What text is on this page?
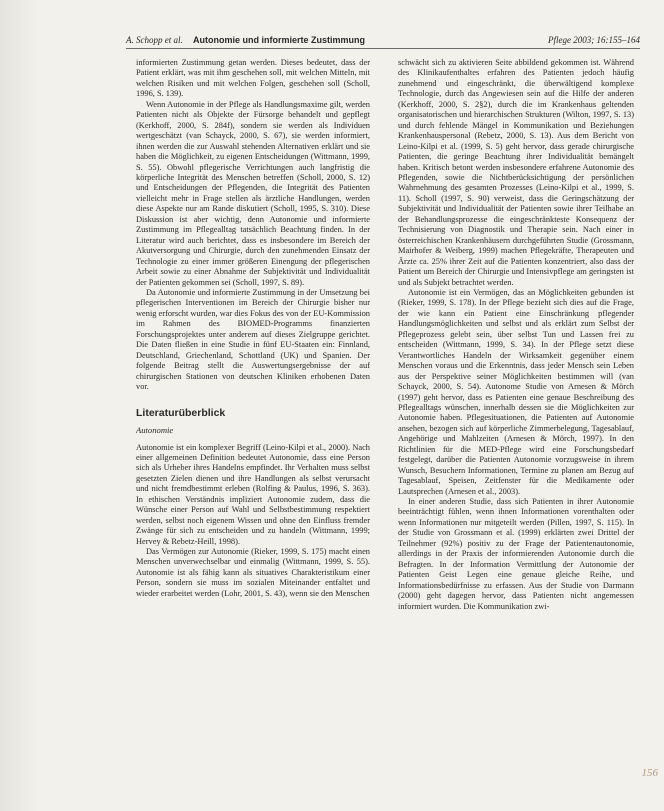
A. Schopp et al. Autonomie und informierte Zustimmung	Pflege 2003; 16:155–164

informierten Zustimmung getan werden. Dieses bedeutet, dass der Patient erklärt, was mit ihm geschehen soll, mit welchen Mitteln, mit welchen Risiken und mit welchen Folgen, geschehen soll (Scholl, 1996, S. 139).

Wenn Autonomie in der Pflege als Handlungsmaxime gilt, werden Patienten nicht als Objekte der Fürsorge behandelt und gepflegt (Kerkhoff, 2000, S. 284f), sondern sie werden als Individuen wertgeschätzt (van Schayck, 2000, S. 67), sie werden informiert, ihnen werden die zur Auswahl stehenden Alternativen erklärt und sie haben die Möglichkeit, zu eigenen Entscheidungen (Wittmann, 1999, S. 55). Obwohl pflegerische Verrichtungen auch langfristig die körperliche Integrität des Menschen betreffen (Scholl, 2000, S. 12) und Entscheidungen der Pflegenden, die Integrität des Patienten vielleicht mehr in Frage stellen als ärztliche Handlungen, werden diese Aspekte nur am Rande diskutiert (Scholl, 1995, S. 310). Diese Diskussion ist aber wichtig, denn Autonomie und informierte Zustimmung im Pflegealltag tatsächlich Beachtung finden. In der Literatur wird auch berichtet, dass es insbesondere im Bereich der Akutversorgung und Chirurgie, durch den zunehmenden Einsatz der Technologie zu einer immer größeren Einengung der pflegerischen Arbeit sowie zu einer Abnahme der Subjektivität und Individualität der Patienten gekommen sei (Scholl, 1997, S. 89).

Da Autonomie und informierte Zustimmung in der Umsetzung bei pflegerischen Interventionen im Bereich der Chirurgie bisher nur wenig erforscht wurden, war dies Fokus des von der EU-Kommission im Rahmen des BIOMED-Programms finanzierten Forschungsprojektes unter anderem auf dieses Zielgruppe gerichtet. Die Daten fließen in eine Studie in fünf EU-Staaten ein: Finnland, Deutschland, Griechenland, Schottland (UK) und Spanien. Der folgende Beitrag stellt die Auswertungsergebnisse der auf chirurgischen Stationen von deutschen Kliniken erhobenen Daten vor.

Literaturüberblick
Autonomie

Autonomie ist ein komplexer Begriff (Leino-Kilpi et al., 2000). Nach einer allgemeinen Definition bedeutet Autonomie, dass eine Person sich als Urheber ihres Handelns empfindet. Ihr Verhalten muss selbst gesetzten Zielen dienen und ihre Handlungen als selbst verursacht und nicht fremdbestimmt erleben (Rolfing & Paulus, 1996, S. 363). In ethischen Verständnis impliziert Autonomie zudem, dass die Wünsche einer Person auf Wahl und Selbstbestimmung respektiert werden, selbst noch eigenem Wissen und ohne den Einfluss fremder Zwänge für sich zu entscheiden und zu handeln (Wittmann, 1999; Hervey & Rebetz-Heill, 1998).

Das Vermögen zur Autonomie (Rieker, 1999, S. 175) macht einen Menschen unverwechselbar und einmalig (Wittmann, 1999, S. 55). Autonomie ist als fähig kann als situatives Charakteristikum einer Person, sondern sie muss im sozialen Miteinander entfaltet und wieder erarbeitet werden (Lohr, 2001, S. 43), wenn sie den Menschen

schwächt sich zu aktivieren Seite abbildend gekommen ist. Während des Klinikaufenthaltes erfahren des Patienten jedoch häufig zunehmend und eingeschränkt, die überwältigend komplexe Technologie, durch das Angewiesen sein auf die Hilfe der anderen (Kerkhoff, 2000, S. 2§2), durch die im Krankenhaus geltenden organisatorischen und hierarchischen Strukturen (Wilton, 1997, S. 13) und durch fehlende Mängel in Kommunikation und Beziehungen Krankenhauspersonal (Rebetz, 2000, S. 13). Aus dem Bericht von Leino-Kilpi et al. (1999, S. 5) geht hervor, dass gerade chirurgische Patienten, die geringe Beachtung ihrer Individualität bemängelt haben. Kritisch betont werden insbesondere erfahrene Autonomie des Pflegenden, sowie die Nichtberücksichtigung der persönlichen Wahrnehmung des gesamten Prozesses (Leino-Kilpi et al., 1999, S. 11). Scholl (1997, S. 90) verweist, dass die Geringschätzung der Subjektivität und Individualität der Patienten sowie ihrer Teilhabe an der Behandlungsprozesse die eingeschränkteste Konsequenz der Technisierung von Diagnostik und Therapie sein. Nach einer in österreichischen Krankenhäusern durchgeführten Studie (Grossmann, Mairhofer & Weiberg, 1999) machen Pflegekräfte, Therapeuten und Ärzte ca. 25% ihrer Zeit auf die Patienten konzentriert, also dass der Patient um Bereich der Chirurgie und Intensivpflege am geringsten ist und als Subjekt betrachtet werden.

Autonomie ist ein Vermögen, das an Möglichkeiten gebunden ist (Rieker, 1999, S. 178). In der Pflege bezieht sich dies auf die Frage, der wie kann ein Patient eine Einschränkung pflegender Handlungsmöglichkeiten und selbst und als erklärt zum Selbst der Pflegeprozess gelebt sein, über selbst Tun und Lassen frei zu entscheiden (Wittmann, 1999, S. 34). In der Pflege setzt diese Verantwortliches Handeln der Wirksamkeit gegenüber einem Menschen voraus und die Erkenntnis, dass jeder Mensch sein Leben aus der Perspektive seiner Möglichkeiten bestimmen will (van Schayck, 2000, S. 54). Autonome Studie von Arnesen & Mörch (1997) geht hervor, dass es Patienten eine genaue Beschreibung des Pflegealltags wünschen, innerhalb dessen sie die Möglichkeiten zur Autonomie haben. Pflegesituationen, die Patienten auf Autonomie ansehen, bezogen sich auf körperliche Zimmerbelegung, Tagesablauf, Angehörige und Mahlzeiten (Arnesen & Mörch, 1997). In den Richtlinien für die MED-Pflege wird eine Forschungsbedarf festgelegt, darüber die Patienten Autonomie vorzugsweise in ihrem Wunsch, Besuchern Informationen, Termine zu planen am Bezug auf Tagesablauf, Speisen, Zeitfenster für die Medikamente oder Lautsprechen (Arnesen et al., 2003).

In einer anderen Studie, dass sich Patienten in ihrer Autonomie beeinträchtigt fühlen, wenn ihnen Informationen vorenthalten oder wenn Informationen nur mitgeteilt werden (Pillen, 1997, S. 115). In der Studie von Grossmann et al. (1999) erklärten zwei Drittel der Teilnehmer (92%) positiv zu der Frage der Patientenautonomie, allerdings in der Praxis der informierenden Autonomie durch die Befragten. In der Information Vermittlung der Autonomie der Patienten Geist Legen eine genaue gleiche Reihe, und Informationsbedürfnisse zu erfassen. Aus der Studie von Darmann (2000) geht dagegen hervor, dass Patienten nicht angemessen informiert wurden. Die Kommunikation zwi-

156
